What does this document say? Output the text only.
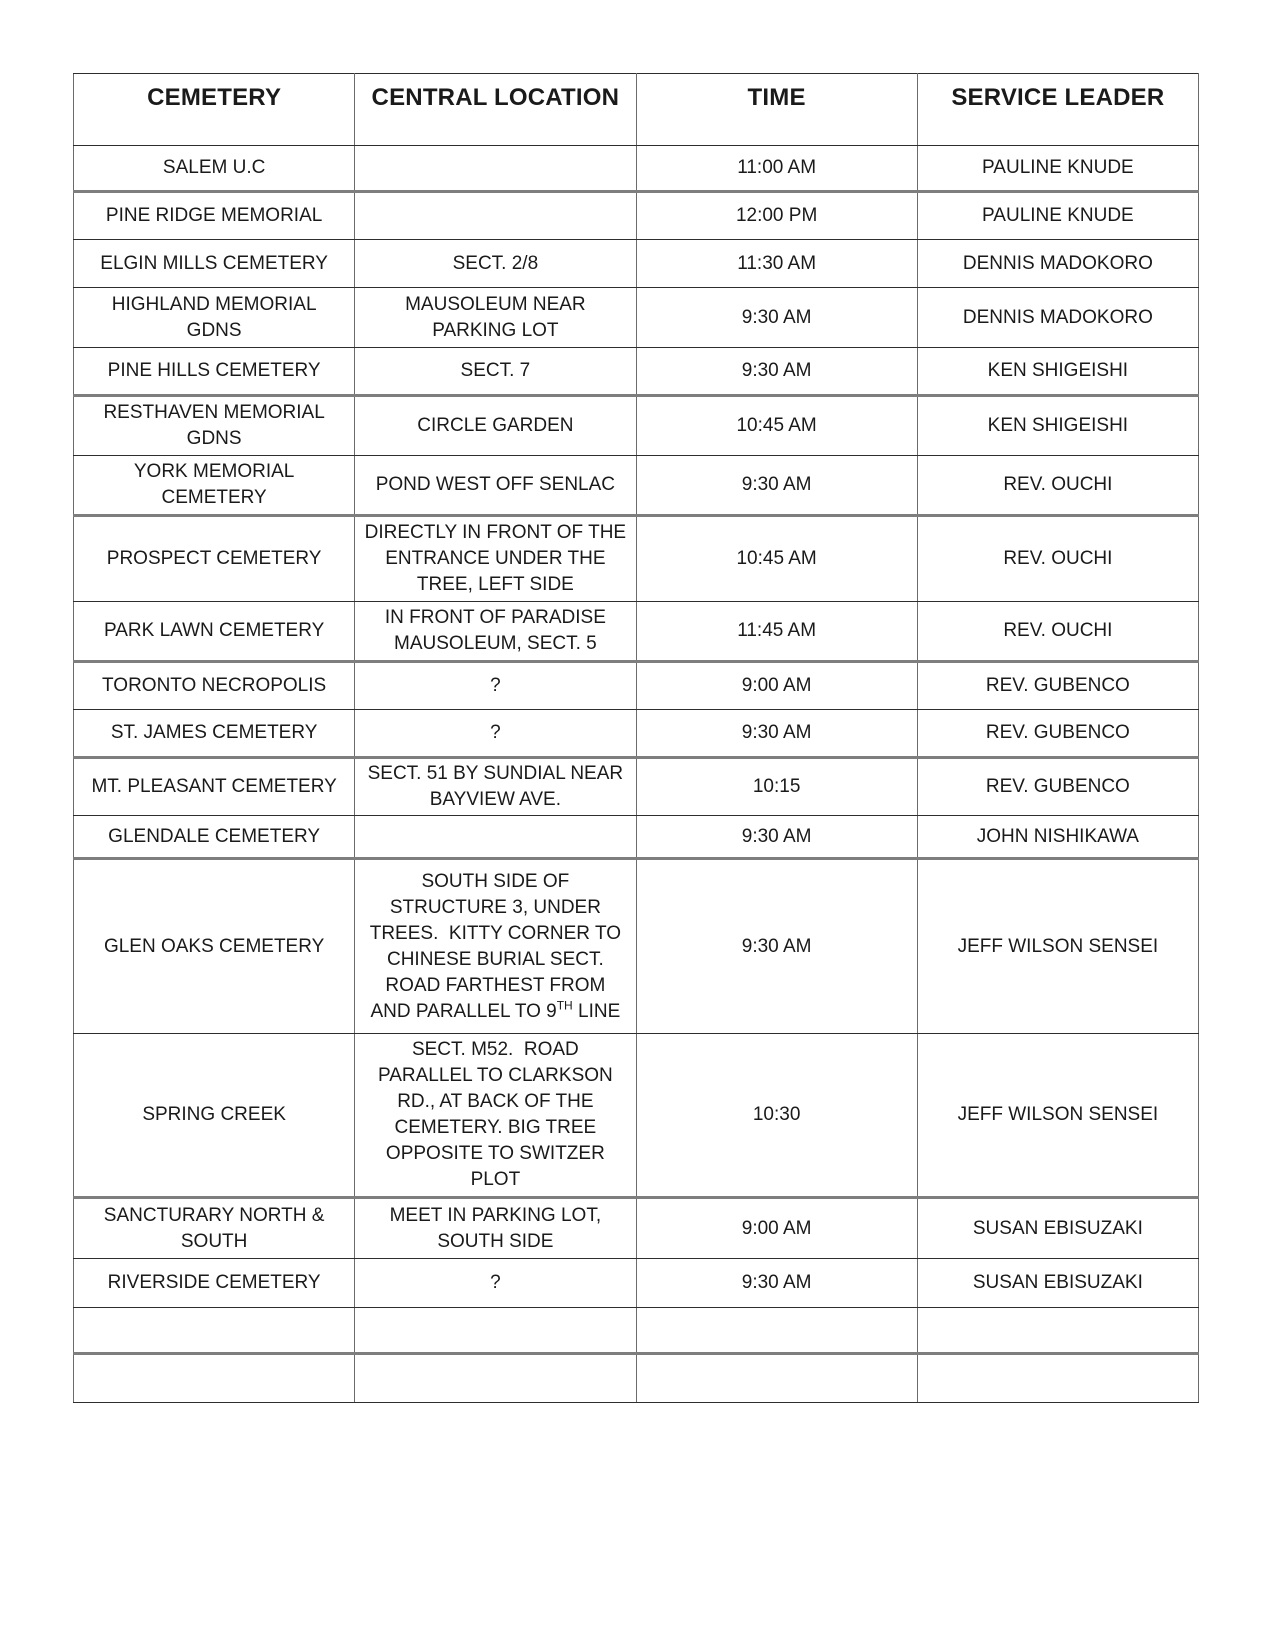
CEMETERY	CENTRAL LOCATION	TIME	SERVICE LEADER
SALEM U.C		11:00 AM	PAULINE KNUDE
PINE RIDGE MEMORIAL		12:00 PM	PAULINE KNUDE
ELGIN MILLS CEMETERY	SECT. 2/8	11:30 AM	DENNIS MADOKORO
HIGHLAND MEMORIAL
GDNS	MAUSOLEUM NEAR
PARKING LOT	9:30 AM	DENNIS MADOKORO
PINE HILLS CEMETERY	SECT. 7	9:30 AM	KEN SHIGEISHI
RESTHAVEN MEMORIAL
GDNS	CIRCLE GARDEN	10:45 AM	KEN SHIGEISHI
YORK MEMORIAL
CEMETERY	POND WEST OFF SENLAC	9:30 AM	REV. OUCHI
PROSPECT CEMETERY	DIRECTLY IN FRONT OF THE
ENTRANCE UNDER THE
TREE, LEFT SIDE	10:45 AM	REV. OUCHI
PARK LAWN CEMETERY	IN FRONT OF PARADISE
MAUSOLEUM, SECT. 5	11:45 AM	REV. OUCHI
TORONTO NECROPOLIS	?	9:00 AM	REV. GUBENCO
ST. JAMES CEMETERY	?	9:30 AM	REV. GUBENCO
MT. PLEASANT CEMETERY	SECT. 51 BY SUNDIAL NEAR
BAYVIEW AVE.	10:15	REV. GUBENCO
GLENDALE CEMETERY		9:30 AM	JOHN NISHIKAWA
GLEN OAKS CEMETERY	SOUTH SIDE OF
STRUCTURE 3, UNDER
TREES.  KITTY CORNER TO
CHINESE BURIAL SECT.
ROAD FARTHEST FROM
AND PARALLEL TO 9TH LINE	9:30 AM	JEFF WILSON SENSEI
SPRING CREEK	SECT. M52.  ROAD
PARALLEL TO CLARKSON
RD., AT BACK OF THE
CEMETERY. BIG TREE
OPPOSITE TO SWITZER
PLOT	10:30	JEFF WILSON SENSEI
SANCTURARY NORTH &
SOUTH	MEET IN PARKING LOT,
SOUTH SIDE	9:00 AM	SUSAN EBISUZAKI
RIVERSIDE CEMETERY	?	9:30 AM	SUSAN EBISUZAKI
